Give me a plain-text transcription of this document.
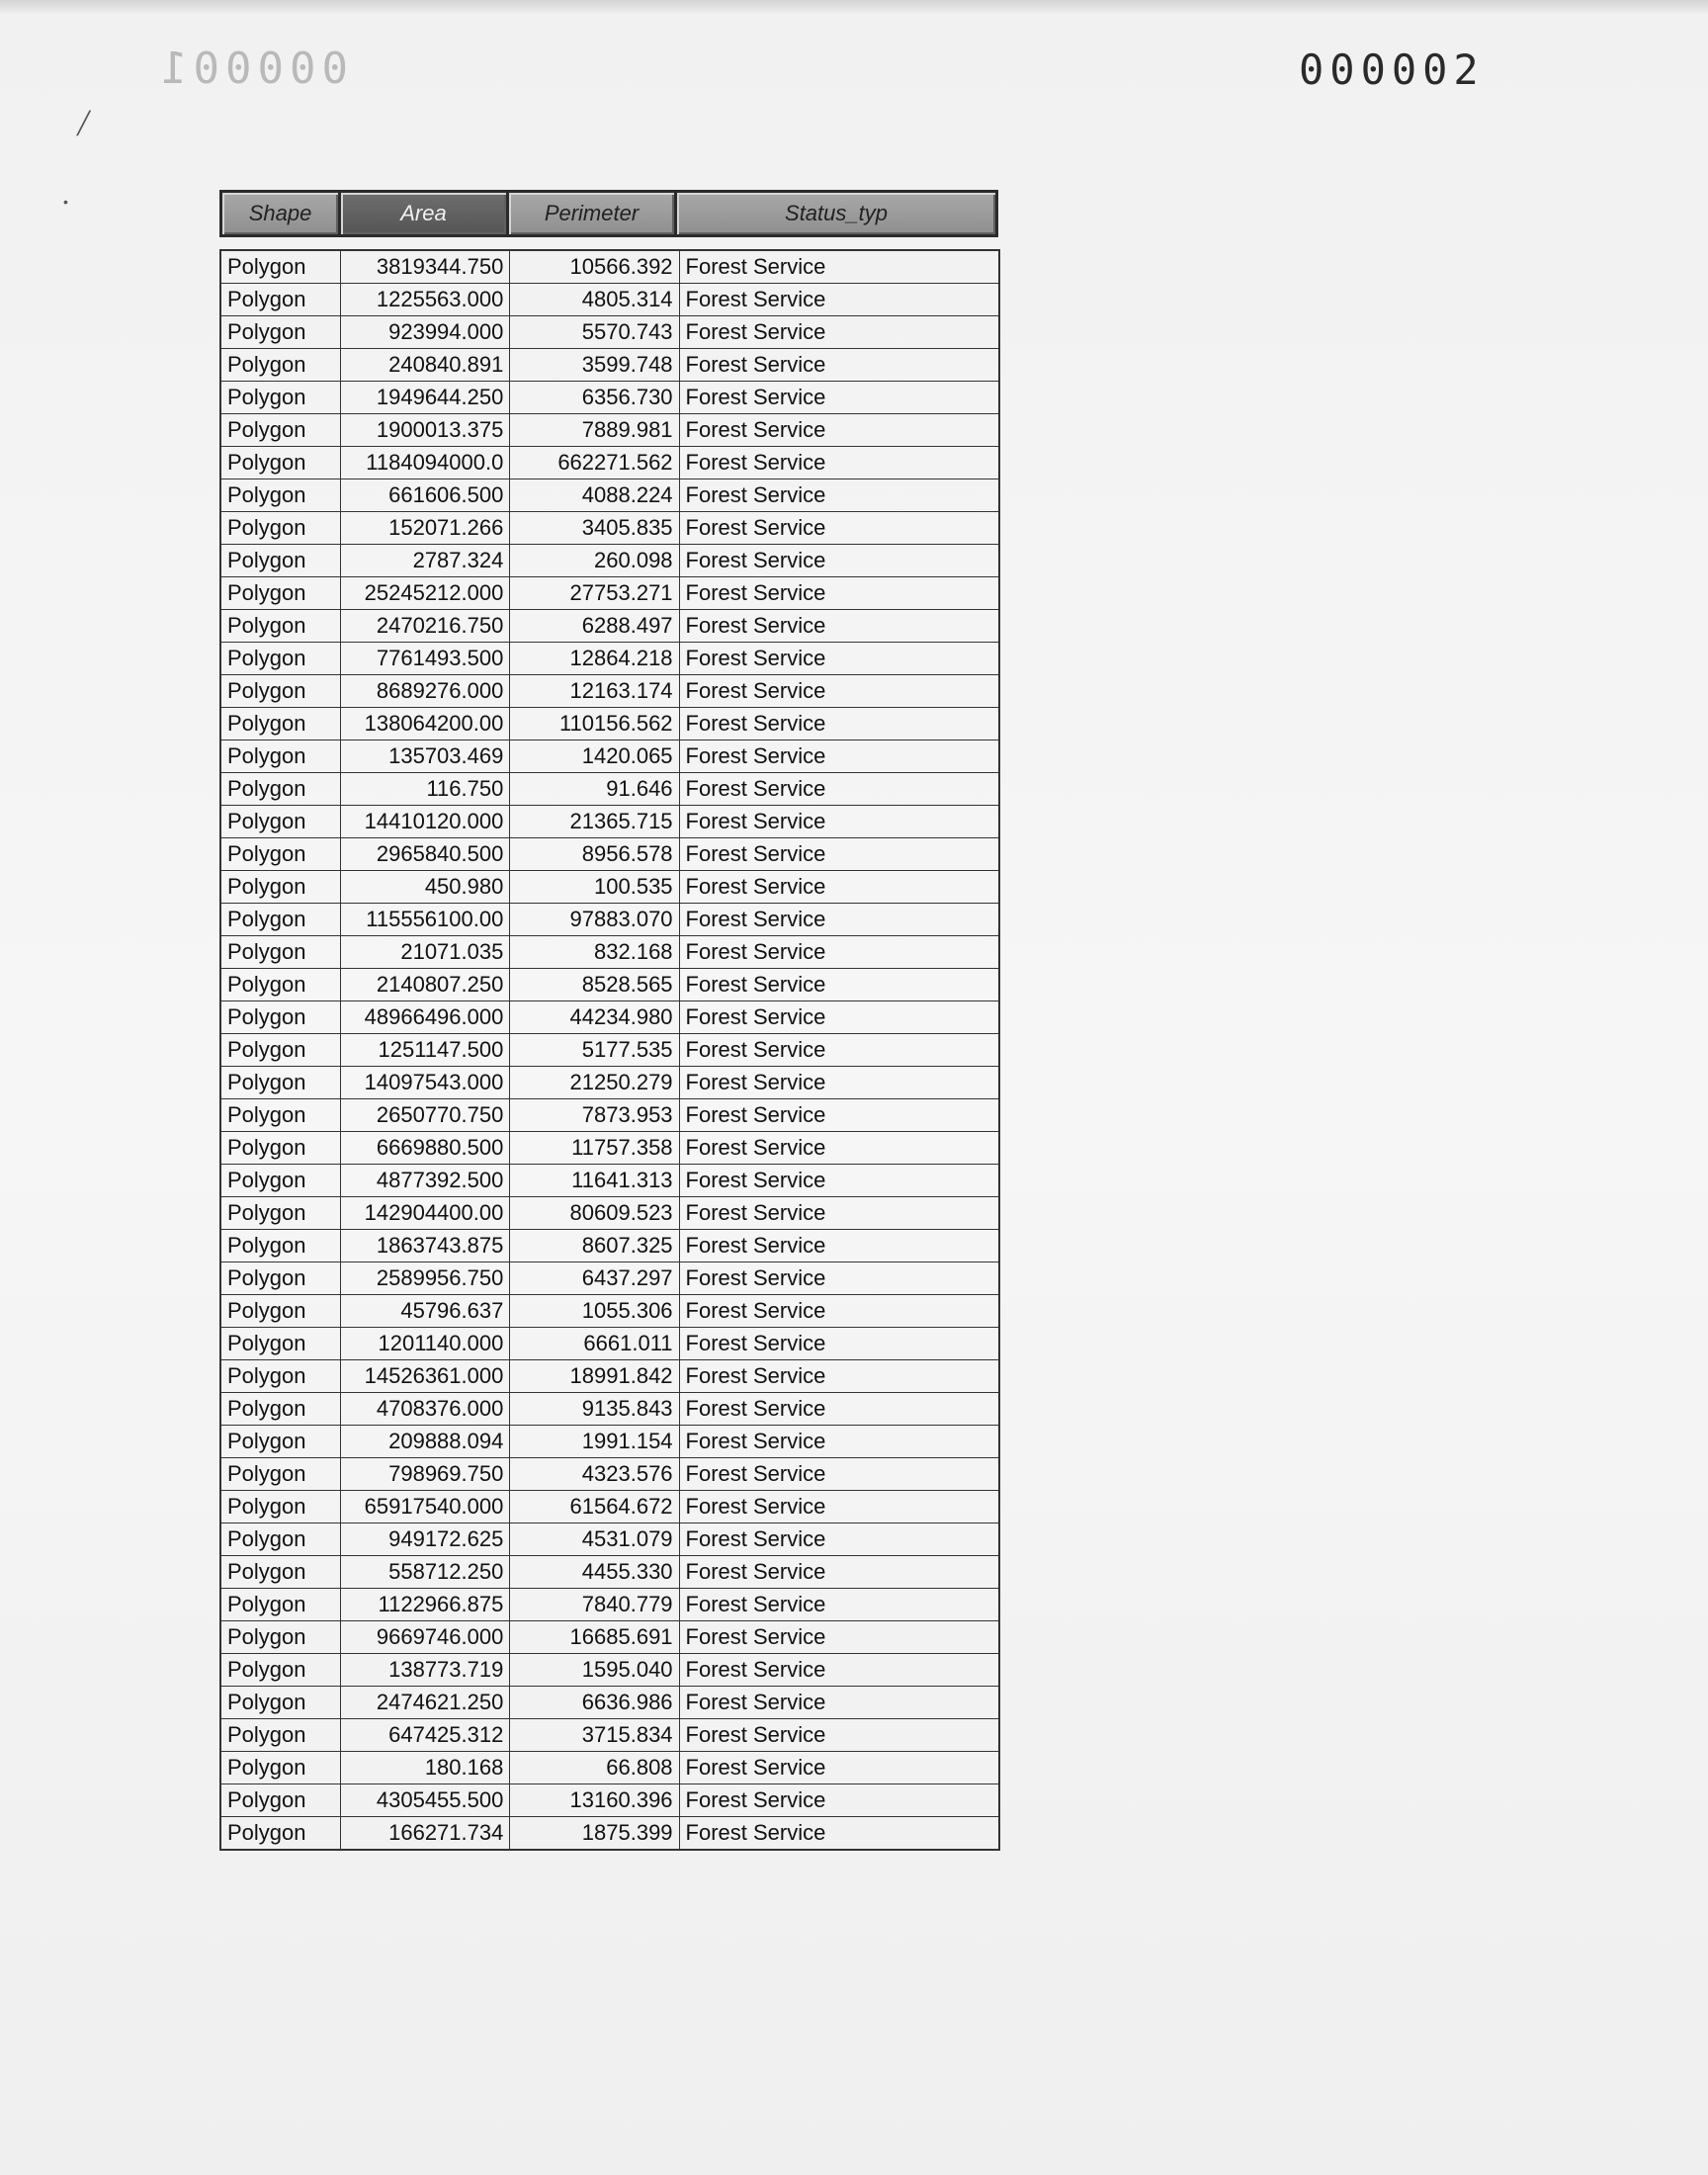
000001	000002
╱
•	Shape	Area	Perimeter	Status_typ
Polygon	3819344.750	10566.392	Forest Service
Polygon	1225563.000	4805.314	Forest Service
Polygon	923994.000	5570.743	Forest Service
Polygon	240840.891	3599.748	Forest Service
Polygon	1949644.250	6356.730	Forest Service
Polygon	1900013.375	7889.981	Forest Service
Polygon	1184094000.0	662271.562	Forest Service
Polygon	661606.500	4088.224	Forest Service
Polygon	152071.266	3405.835	Forest Service
Polygon	2787.324	260.098	Forest Service
Polygon	25245212.000	27753.271	Forest Service
Polygon	2470216.750	6288.497	Forest Service
Polygon	7761493.500	12864.218	Forest Service
Polygon	8689276.000	12163.174	Forest Service
Polygon	138064200.00	110156.562	Forest Service
Polygon	135703.469	1420.065	Forest Service
Polygon	116.750	91.646	Forest Service
Polygon	14410120.000	21365.715	Forest Service
Polygon	2965840.500	8956.578	Forest Service
Polygon	450.980	100.535	Forest Service
Polygon	115556100.00	97883.070	Forest Service
Polygon	21071.035	832.168	Forest Service
Polygon	2140807.250	8528.565	Forest Service
Polygon	48966496.000	44234.980	Forest Service
Polygon	1251147.500	5177.535	Forest Service
Polygon	14097543.000	21250.279	Forest Service
Polygon	2650770.750	7873.953	Forest Service
Polygon	6669880.500	11757.358	Forest Service
Polygon	4877392.500	11641.313	Forest Service
Polygon	142904400.00	80609.523	Forest Service
Polygon	1863743.875	8607.325	Forest Service
Polygon	2589956.750	6437.297	Forest Service
Polygon	45796.637	1055.306	Forest Service
Polygon	1201140.000	6661.011	Forest Service
Polygon	14526361.000	18991.842	Forest Service
Polygon	4708376.000	9135.843	Forest Service
Polygon	209888.094	1991.154	Forest Service
Polygon	798969.750	4323.576	Forest Service
Polygon	65917540.000	61564.672	Forest Service
Polygon	949172.625	4531.079	Forest Service
Polygon	558712.250	4455.330	Forest Service
Polygon	1122966.875	7840.779	Forest Service
Polygon	9669746.000	16685.691	Forest Service
Polygon	138773.719	1595.040	Forest Service
Polygon	2474621.250	6636.986	Forest Service
Polygon	647425.312	3715.834	Forest Service
Polygon	180.168	66.808	Forest Service
Polygon	4305455.500	13160.396	Forest Service
Polygon	166271.734	1875.399	Forest Service
